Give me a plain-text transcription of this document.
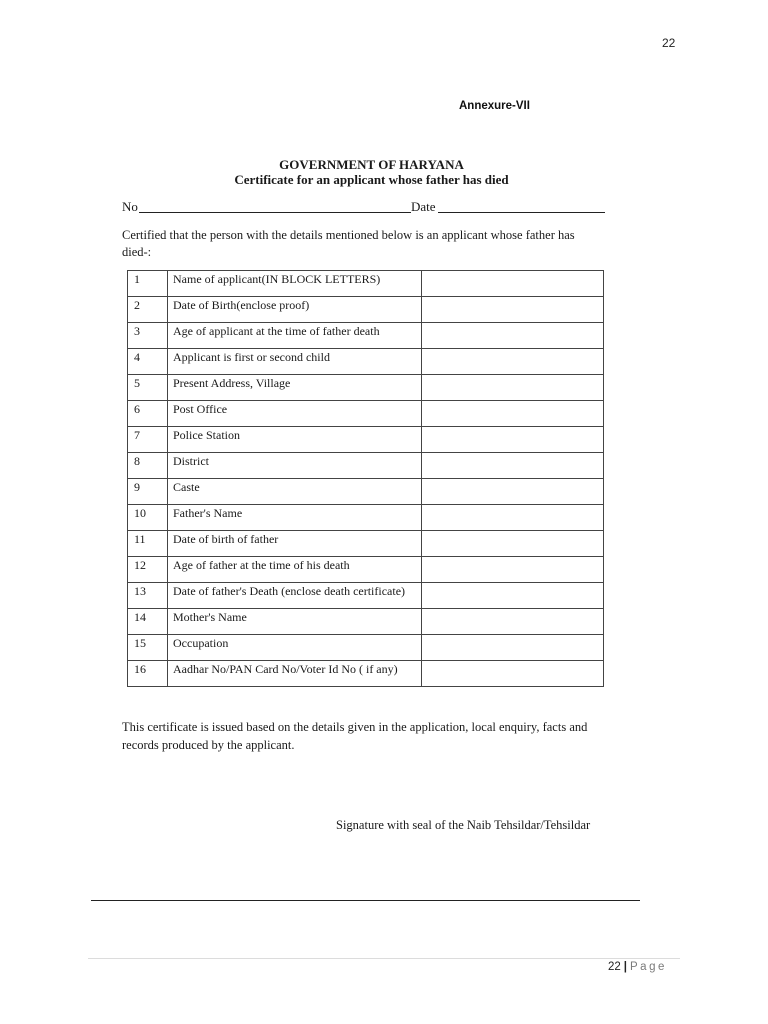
22
Annexure-VII
GOVERNMENT OF HARYANA
Certificate for an applicant whose father has died
No	Date
Certified that the person with the details mentioned below is an applicant whose father has died-:
1	Name of applicant(IN BLOCK LETTERS)	
2	Date of Birth(enclose proof)	
3	Age of applicant at the time of father death	
4	Applicant is first or second child	
5	Present Address, Village	
6	Post Office	
7	Police Station	
8	District	
9	Caste	
10	Father's Name	
11	Date of birth of father	
12	Age of father at the time of his death	
13	Date of father's Death (enclose death certificate)	
14	Mother's Name	
15	Occupation	
16	Aadhar No/PAN Card No/Voter Id No ( if any)	
This certificate is issued based on the details given in the application, local enquiry, facts and records produced by the applicant.
Signature with seal of the Naib Tehsildar/Tehsildar
22 | Page
